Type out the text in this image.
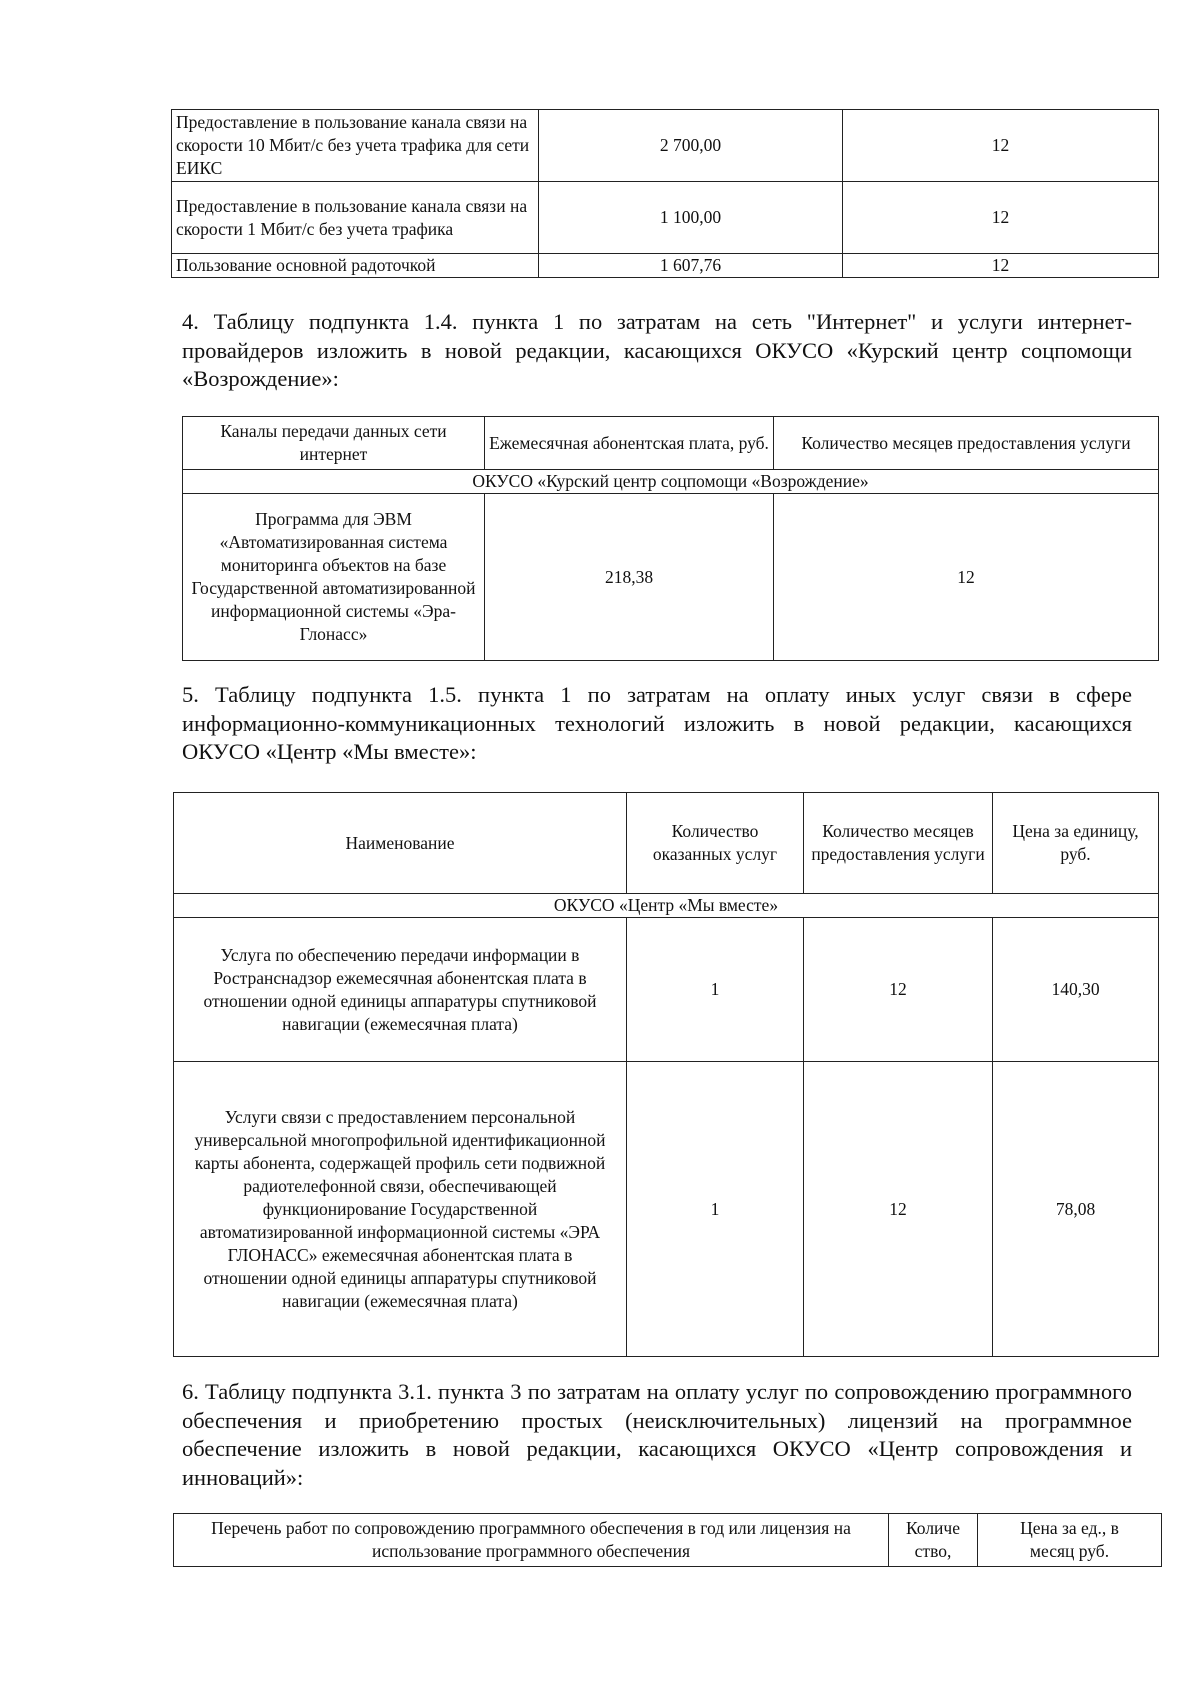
Предоставление в пользование канала связи на скорости 10 Мбит/с без учета трафика для сети ЕИКС	2 700,00	12
Предоставление в пользование канала связи на скорости 1 Мбит/с без учета трафика	1 100,00	12
Пользование основной радоточкой	1 607,76	12
4. Таблицу подпункта 1.4. пункта 1 по затратам на сеть "Интернет" и услуги интернет-провайдеров изложить в новой редакции, касающихся ОКУСО «Курский центр соцпомощи «Возрождение»:
Каналы передачи данных сети интернет	Ежемесячная абонентская плата, руб.	Количество месяцев предоставления услуги
ОКУСО «Курский центр соцпомощи «Возрождение»		
Программа для ЭВМ «Автоматизированная система мониторинга объектов на базе Государственной автоматизированной информационной системы «Эра-Глонасс»	218,38	12
5. Таблицу подпункта 1.5. пункта 1 по затратам на оплату иных услуг связи в сфере информационно-коммуникационных технологий изложить в новой редакции, касающихся ОКУСО «Центр «Мы вместе»:
Наименование	Количество оказанных услуг	Количество месяцев предоставления услуги	Цена за единицу, руб.
ОКУСО «Центр «Мы вместе»			
Услуга по обеспечению передачи информации в Ространснадзор ежемесячная абонентская плата в отношении одной единицы аппаратуры спутниковой навигации (ежемесячная плата)	1	12	140,30
Услуги связи с предоставлением персональной универсальной многопрофильной идентификационной карты абонента, содержащей профиль сети подвижной радиотелефонной связи, обеспечивающей функционирование Государственной автоматизированной информационной системы «ЭРА ГЛОНАСС» ежемесячная абонентская плата в отношении одной единицы аппаратуры спутниковой навигации (ежемесячная плата)	1	12	78,08
6. Таблицу подпункта 3.1. пункта 3 по затратам на оплату услуг по сопровождению программного обеспечения и приобретению простых (неисключительных) лицензий на программное обеспечение изложить в новой редакции, касающихся ОКУСО «Центр сопровождения и инноваций»:
Перечень работ по сопровождению программного обеспечения в год или лицензия на использование программного обеспечения	Количе ство,	Цена за ед., в месяц руб.
